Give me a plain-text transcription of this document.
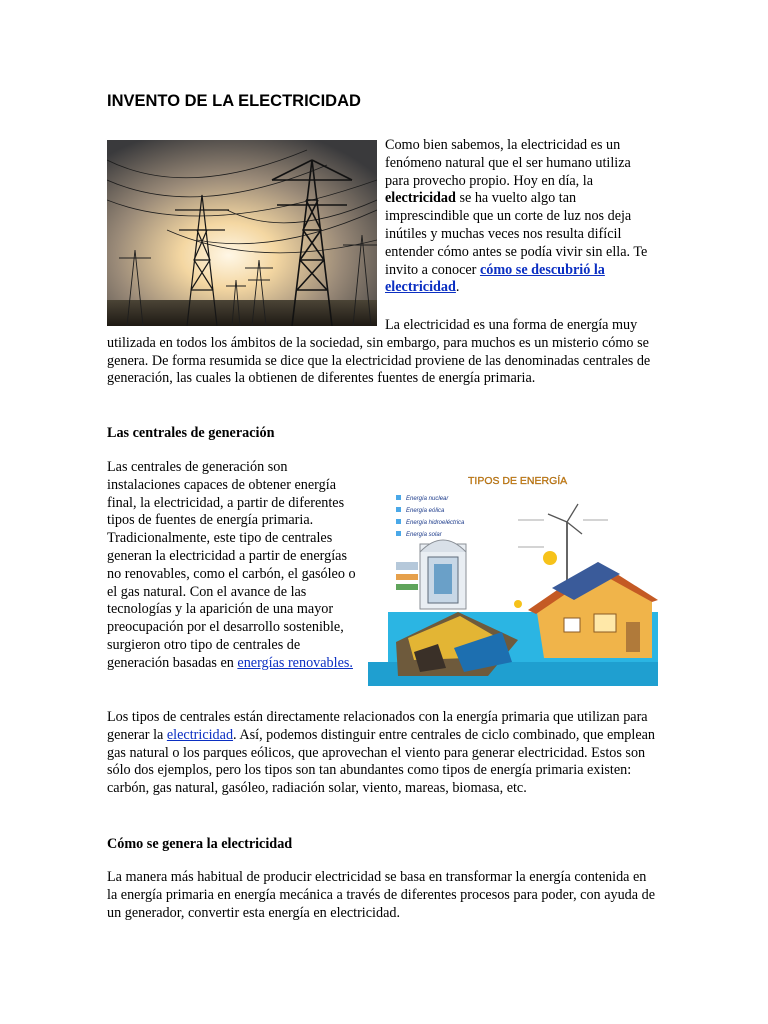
INVENTO DE LA ELECTRICIDAD

Como bien sabemos, la electricidad es un fenómeno natural que el ser humano utiliza para provecho propio. Hoy en día, la electricidad se ha vuelto algo tan imprescindible que un corte de luz nos deja inútiles y muchas veces nos resulta difícil entender cómo antes se podía vivir sin ella. Te invito a conocer cómo se descubrió la electricidad.

La electricidad es una forma de energía muy utilizada en todos los ámbitos de la sociedad, sin embargo, para muchos es un misterio cómo se genera. De forma resumida se dice que la electricidad proviene de las denominadas centrales de generación, las cuales la obtienen de diferentes fuentes de energía primaria.

Las centrales de generación

Las centrales de generación son instalaciones capaces de obtener energía final, la electricidad, a partir de diferentes tipos de fuentes de energía primaria. Tradicionalmente, este tipo de centrales generan la electricidad a partir de energías no renovables, como el carbón, el gasóleo o el gas natural. Con el avance de las tecnologías y la aparición de una mayor preocupación por el desarrollo sostenible, surgieron otro tipo de centrales de generación basadas en energías renovables.

TIPOS DE ENERGÍA
Energía nuclear
Energía eólica
Energía hidroeléctrica
Energía solar

Los tipos de centrales están directamente relacionados con la energía primaria que utilizan para generar la electricidad. Así, podemos distinguir entre centrales de ciclo combinado, que emplean gas natural o los parques eólicos, que aprovechan el viento para generar electricidad. Estos son sólo dos ejemplos, pero los tipos son tan abundantes como tipos de energía primaria existen: carbón, gas natural, gasóleo, radiación solar, viento, mareas, biomasa, etc.

Cómo se genera la electricidad

La manera más habitual de producir electricidad se basa en transformar la energía contenida en la energía primaria en energía mecánica a través de diferentes procesos para poder, con ayuda de un generador, convertir esta energía en electricidad.
